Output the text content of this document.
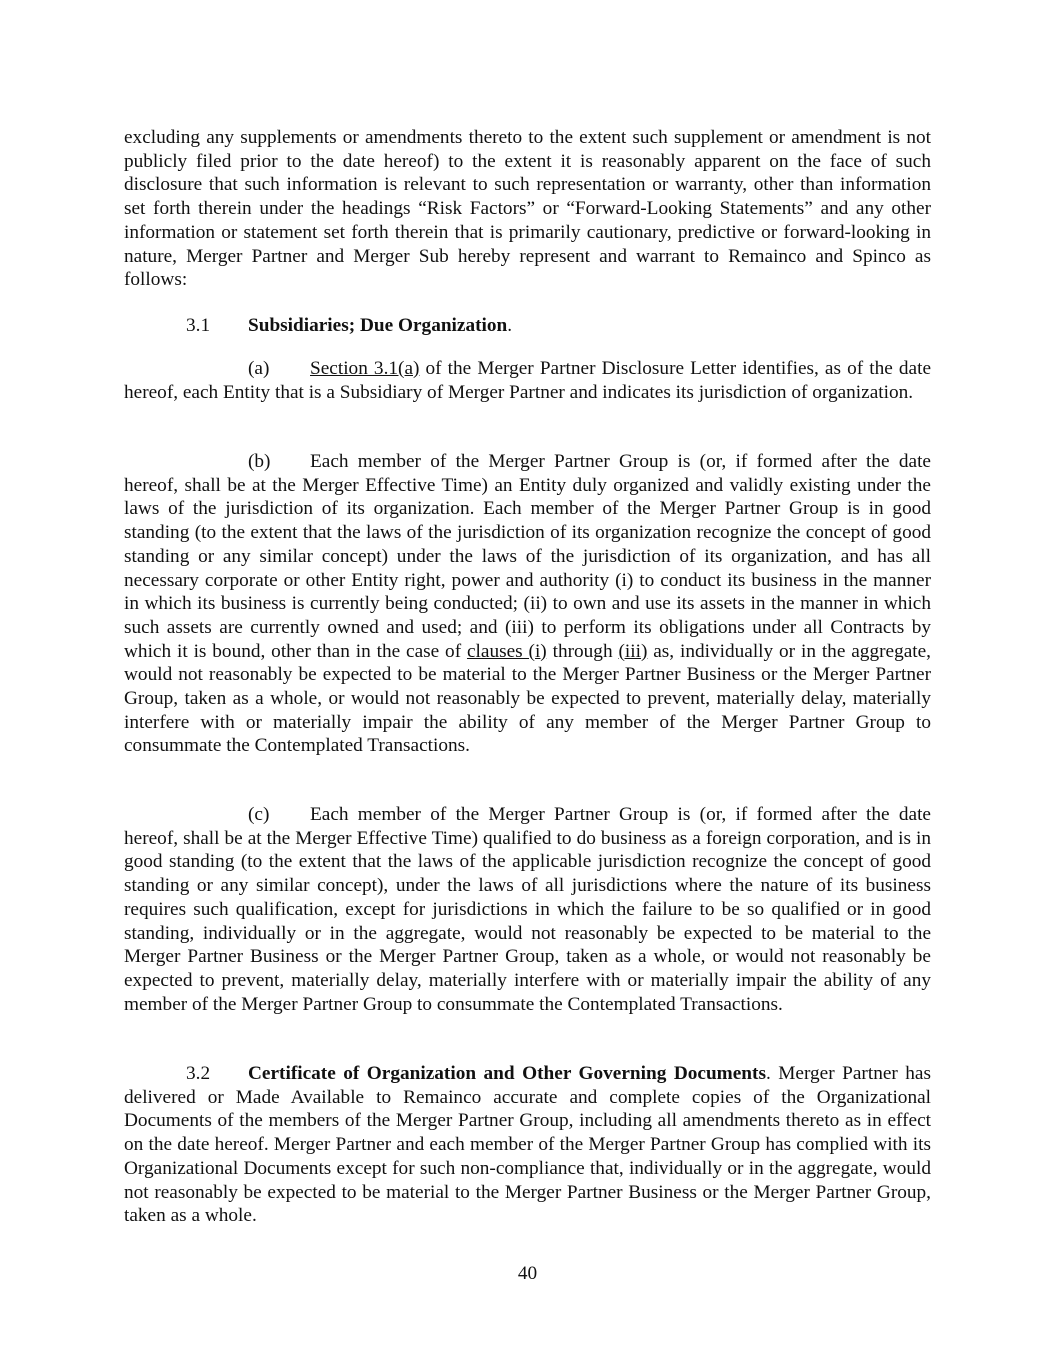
excluding any supplements or amendments thereto to the extent such supplement or amendment is not publicly filed prior to the date hereof) to the extent it is reasonably apparent on the face of such disclosure that such information is relevant to such representation or warranty, other than information set forth therein under the headings “Risk Factors” or “Forward-Looking Statements” and any other information or statement set forth therein that is primarily cautionary, predictive or forward-looking in nature, Merger Partner and Merger Sub hereby represent and warrant to Remainco and Spinco as follows:

3.1 Subsidiaries; Due Organization.

(a) Section 3.1(a) of the Merger Partner Disclosure Letter identifies, as of the date hereof, each Entity that is a Subsidiary of Merger Partner and indicates its jurisdiction of organization.

(b) Each member of the Merger Partner Group is (or, if formed after the date hereof, shall be at the Merger Effective Time) an Entity duly organized and validly existing under the laws of the jurisdiction of its organization. Each member of the Merger Partner Group is in good standing (to the extent that the laws of the jurisdiction of its organization recognize the concept of good standing or any similar concept) under the laws of the jurisdiction of its organization, and has all necessary corporate or other Entity right, power and authority (i) to conduct its business in the manner in which its business is currently being conducted; (ii) to own and use its assets in the manner in which such assets are currently owned and used; and (iii) to perform its obligations under all Contracts by which it is bound, other than in the case of clauses (i) through (iii) as, individually or in the aggregate, would not reasonably be expected to be material to the Merger Partner Business or the Merger Partner Group, taken as a whole, or would not reasonably be expected to prevent, materially delay, materially interfere with or materially impair the ability of any member of the Merger Partner Group to consummate the Contemplated Transactions.

(c) Each member of the Merger Partner Group is (or, if formed after the date hereof, shall be at the Merger Effective Time) qualified to do business as a foreign corporation, and is in good standing (to the extent that the laws of the applicable jurisdiction recognize the concept of good standing or any similar concept), under the laws of all jurisdictions where the nature of its business requires such qualification, except for jurisdictions in which the failure to be so qualified or in good standing, individually or in the aggregate, would not reasonably be expected to be material to the Merger Partner Business or the Merger Partner Group, taken as a whole, or would not reasonably be expected to prevent, materially delay, materially interfere with or materially impair the ability of any member of the Merger Partner Group to consummate the Contemplated Transactions.

3.2 Certificate of Organization and Other Governing Documents. Merger Partner has delivered or Made Available to Remainco accurate and complete copies of the Organizational Documents of the members of the Merger Partner Group, including all amendments thereto as in effect on the date hereof. Merger Partner and each member of the Merger Partner Group has complied with its Organizational Documents except for such non-compliance that, individually or in the aggregate, would not reasonably be expected to be material to the Merger Partner Business or the Merger Partner Group, taken as a whole.

40
